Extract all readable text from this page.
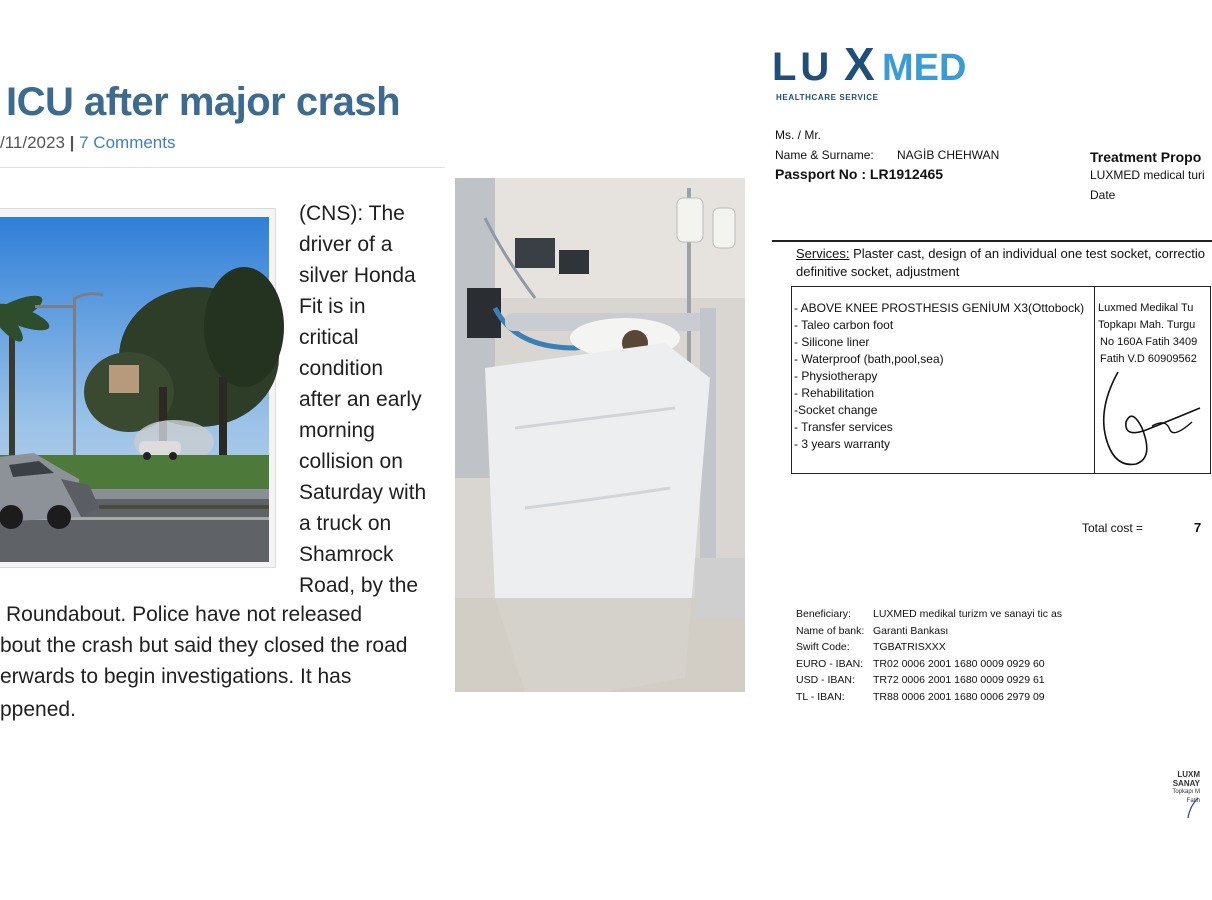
ICU after major crash
/11/2023 | 7 Comments
(CNS): The
driver of a
silver Honda
Fit is in
critical
condition
after an early
morning
collision on
Saturday with
a truck on
Shamrock
Road, by the
Roundabout. Police have not released
bout the crash but said they closed the road
erwards to begin investigations. It has
ppened.
LU X MED
HEALTHCARE SERVICE
Ms. / Mr.
Name & Surname: NAGİB CHEHWAN
Passport No : LR1912465
Treatment Propo
LUXMED medical turi
Date
Services: Plaster cast, design of an individual one test socket, correctio
definitive socket, adjustment
- ABOVE KNEE PROSTHESIS GENİUM X3(Ottobock)
- Taleo carbon foot
- Silicone liner
- Waterproof (bath,pool,sea)
- Physiotherapy
- Rehabilitation
-Socket change
- Transfer services
- 3 years warranty
Luxmed Medikal Tu
Topkapı Mah. Turgu
No 160A Fatih 3409
Fatih V.D 60909562
Total cost =	7
Beneficiary: LUXMED medikal turizm ve sanayi tic as
Name of bank: Garanti Bankası
Swift Code: TGBATRISXXX
EURO - IBAN: TR02 0006 2001 1680 0009 0929 60
USD - IBAN: TR72 0006 2001 1680 0009 0929 61
TL - IBAN:	TR88 0006 2001 1680 0006 2979 09
LUXM
SANAY
Topkapı M
Fatih
